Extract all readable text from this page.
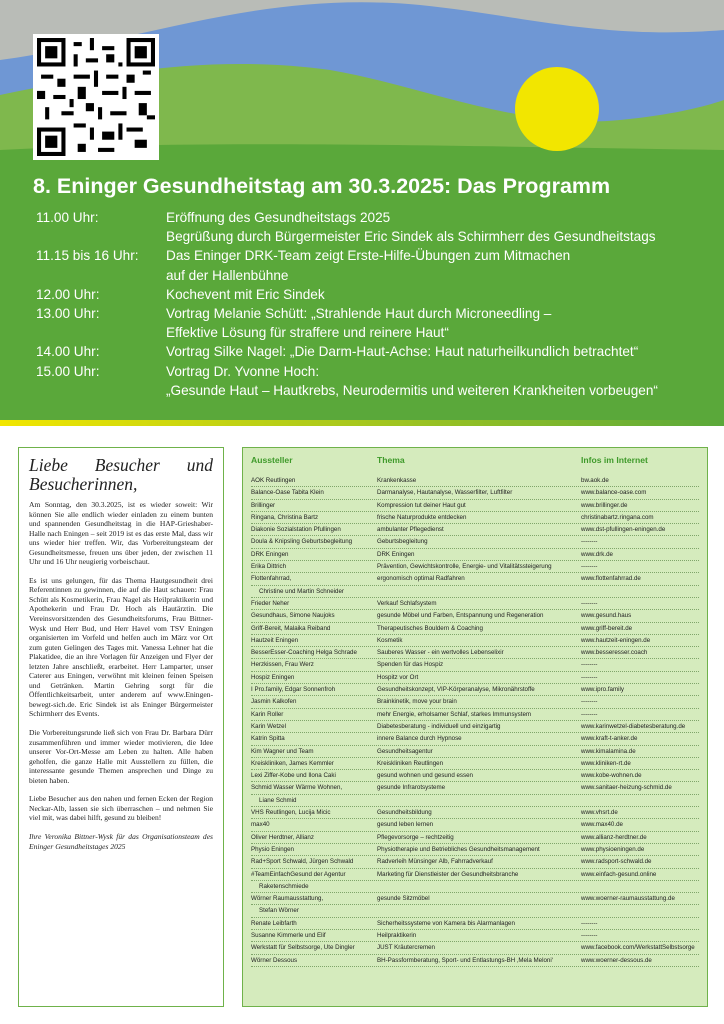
8. Eninger Gesundheitstag am 30.3.2025: Das Programm
11.00 Uhr:	Eröffnung des Gesundheitstags 2025
Begrüßung durch Bürgermeister Eric Sindek als Schirmherr des Gesundheitstags
11.15 bis 16 Uhr:	Das Eninger DRK-Team zeigt Erste-Hilfe-Übungen zum Mitmachen
auf der Hallenbühne
12.00 Uhr:	Kochevent mit Eric Sindek
13.00 Uhr:	Vortrag Melanie Schütt: „Strahlende Haut durch Microneedling –
Effektive Lösung für straffere und reinere Haut“
14.00 Uhr:	Vortrag Silke Nagel: „Die Darm-Haut-Achse: Haut naturheilkundlich betrachtet“
15.00 Uhr:	Vortrag Dr. Yvonne Hoch:
„Gesunde Haut – Hautkrebs, Neurodermitis und weiteren Krankheiten vorbeugen“
Liebe Besucher und
Besucherinnen,

Am Sonntag, den 30.3.2025, ist es wieder soweit: Wir können Sie alle endlich wieder einladen zu einem bunten und spannenden Gesundheitstag in die HAP-Grieshaber-Halle nach Eningen – seit 2019 ist es das erste Mal, dass wir uns wieder hier treffen. Wir, das Vorbereitungsteam der Gesundheitsmesse, freuen uns über jeden, der zwischen 11 Uhr und 16 Uhr neugierig vorbeischaut.

Es ist uns gelungen, für das Thema Hautgesundheit drei Referentinnen zu gewinnen, die auf die Haut schauen: Frau Schütt als Kosmetikerin, Frau Nagel als Heilpraktikerin und Apothekerin und Frau Dr. Hoch als Hautärztin. Die Vereinsvorsitzenden des Gesundheitsforums, Frau Bittner-Wysk und Herr Bud, und Herr Havel vom TSV Eningen organisierten im Vorfeld und helfen auch im März vor Ort zum guten Gelingen des Tages mit. Vanessa Lehner hat die Plakatidee, die an ihre Vorlagen für Anzeigen und Flyer der letzten Jahre anschließt, erarbeitet. Herr Lamparter, unser Caterer aus Eningen, verwöhnt mit kleinen feinen Speisen und Getränken. Martin Gehring sorgt für die Öffentlichkeitsarbeit, unter anderem auf www.Eningen-bewegt-sich.de. Eric Sindek ist als Eninger Bürgermeister Schirmherr des Events.

Die Vorbereitungsrunde ließ sich von Frau Dr. Barbara Dürr zusammenführen und immer wieder motivieren, die Idee unserer Vor-Ort-Messe am Leben zu halten. Alle haben geholfen, die ganze Halle mit Ausstellern zu füllen, die interessante gesunde Themen ansprechen und Dinge zu bieten haben.

Liebe Besucher aus den nahen und fernen Ecken der Region Neckar-Alb, lassen sie sich überraschen – und nehmen Sie viel mit, was dabei hilft, gesund zu bleiben!

Ihre Veronika Bittner-Wysk für das Organisationsteam des Eninger Gesundheitstages 2025

Aussteller	Thema	Infos im Internet
AOK Reutlingen	Krankenkasse	bw.aok.de
Balance-Oase Tabita Klein	Darmanalyse, Hautanalyse, Wasserfilter, Luftfilter	www.balance-oase.com
Brillinger	Kompression tut deiner Haut gut	www.brillinger.de
Ringana, Christina Bartz	frische Naturprodukte entdecken	christinabartz.ringana.com
Diakonie Sozialstation Pfullingen	ambulanter Pflegedienst	www.dst-pfullingen-eningen.de
Doula & Knipsling Geburtsbegleitung	Geburtsbegleitung	--------
DRK Eningen	DRK Eningen	www.drk.de
Erika Dittrich	Prävention, Gewichtskontrolle, Energie- und Vitalitätssteigerung	--------
Flottenfahrrad,	ergonomisch optimal Radfahren	www.flottenfahrrad.de
Christine und Martin Schneider
Frieder Neher	Verkauf Schlafsystem	--------
Gesundhaus, Simone Naujoks	gesunde Möbel und Farben, Entspannung und Regeneration	www.gesund.haus
Griff-Bereit, Malaika Reiband	Therapeutisches Bouldern & Coaching	www.griff-bereit.de
Hautzeit Eningen	Kosmetik	www.hautzeit-eningen.de
BesserEsser-Coaching Helga Schrade	Sauberes Wasser - ein wertvolles Lebenselixir	www.besseresser.coach
Herzkissen, Frau Werz	Spenden für das Hospiz	--------
Hospiz Eningen	Hospitz vor Ort	--------
I Pro.family, Edgar Sonnenfroh	Gesundheitskonzept, VIP-Körperanalyse, Mikronährstoffe	www.ipro.family
Jasmin Kalkofen	Brainkinetik, move your brain	--------
Karin Roller	mehr Energie, erholsamer Schlaf, starkes Immunsystem	--------
Karin Wetzel	Diabetesberatung - individuell und einzigartig	www.karinwetzel-diabetesberatung.de
Katrin Spitta	innere Balance durch Hypnose	www.kraft-t-anker.de
Kim Wagner und Team	Gesundheitsagentur	www.kimalamina.de
Kreiskliniken, James Kemmler	Kreiskliniken Reutlingen	www.kliniken-rt.de
Lexi Ziffer-Kobe und Ilona Caki	gesund wohnen und gesund essen	www.kobe-wohnen.de
Schmid Wasser Wärme Wohnen,	gesunde Infrarotsysteme	www.sanitaer-heizung-schmid.de
Liane Schmid
VHS Reutlingen, Lucija Micic	Gesundheitsbildung	www.vhsrt.de
max40	gesund leben lernen	www.max40.de
Oliver Herdtner, Allianz	Pflegevorsorge – rechtzeitig	www.allianz-herdtner.de
Physio Eningen	Physiotherapie und Betriebliches Gesundheitsmanagement	www.physioeningen.de
Rad+Sport Schwald, Jürgen Schwald	Radverleih Münsinger Alb, Fahrradverkauf	www.radsport-schwald.de
#TeamEinfachGesund der Agentur	Marketing für Dienstleister der Gesundheitsbranche	www.einfach-gesund.online
Raketenschmiede
Wörner Raumausstattung,	gesunde Sitzmöbel	www.woerner-raumausstattung.de
Stefan Wörner
Renate Leibfarth	Sicherheitssysteme von Kamera bis Alarmanlagen	--------
Susanne Kimmerle und Elif	Heilpraktikerin	--------
Werkstatt für Selbstsorge, Ute Dingler	JUST Kräutercremen	www.facebook.com/WerkstattSelbstsorge
Wörner Dessous	BH-Passformberatung, Sport- und Entlastungs-BH ‚Mela Meloni‘	www.woerner-dessous.de
